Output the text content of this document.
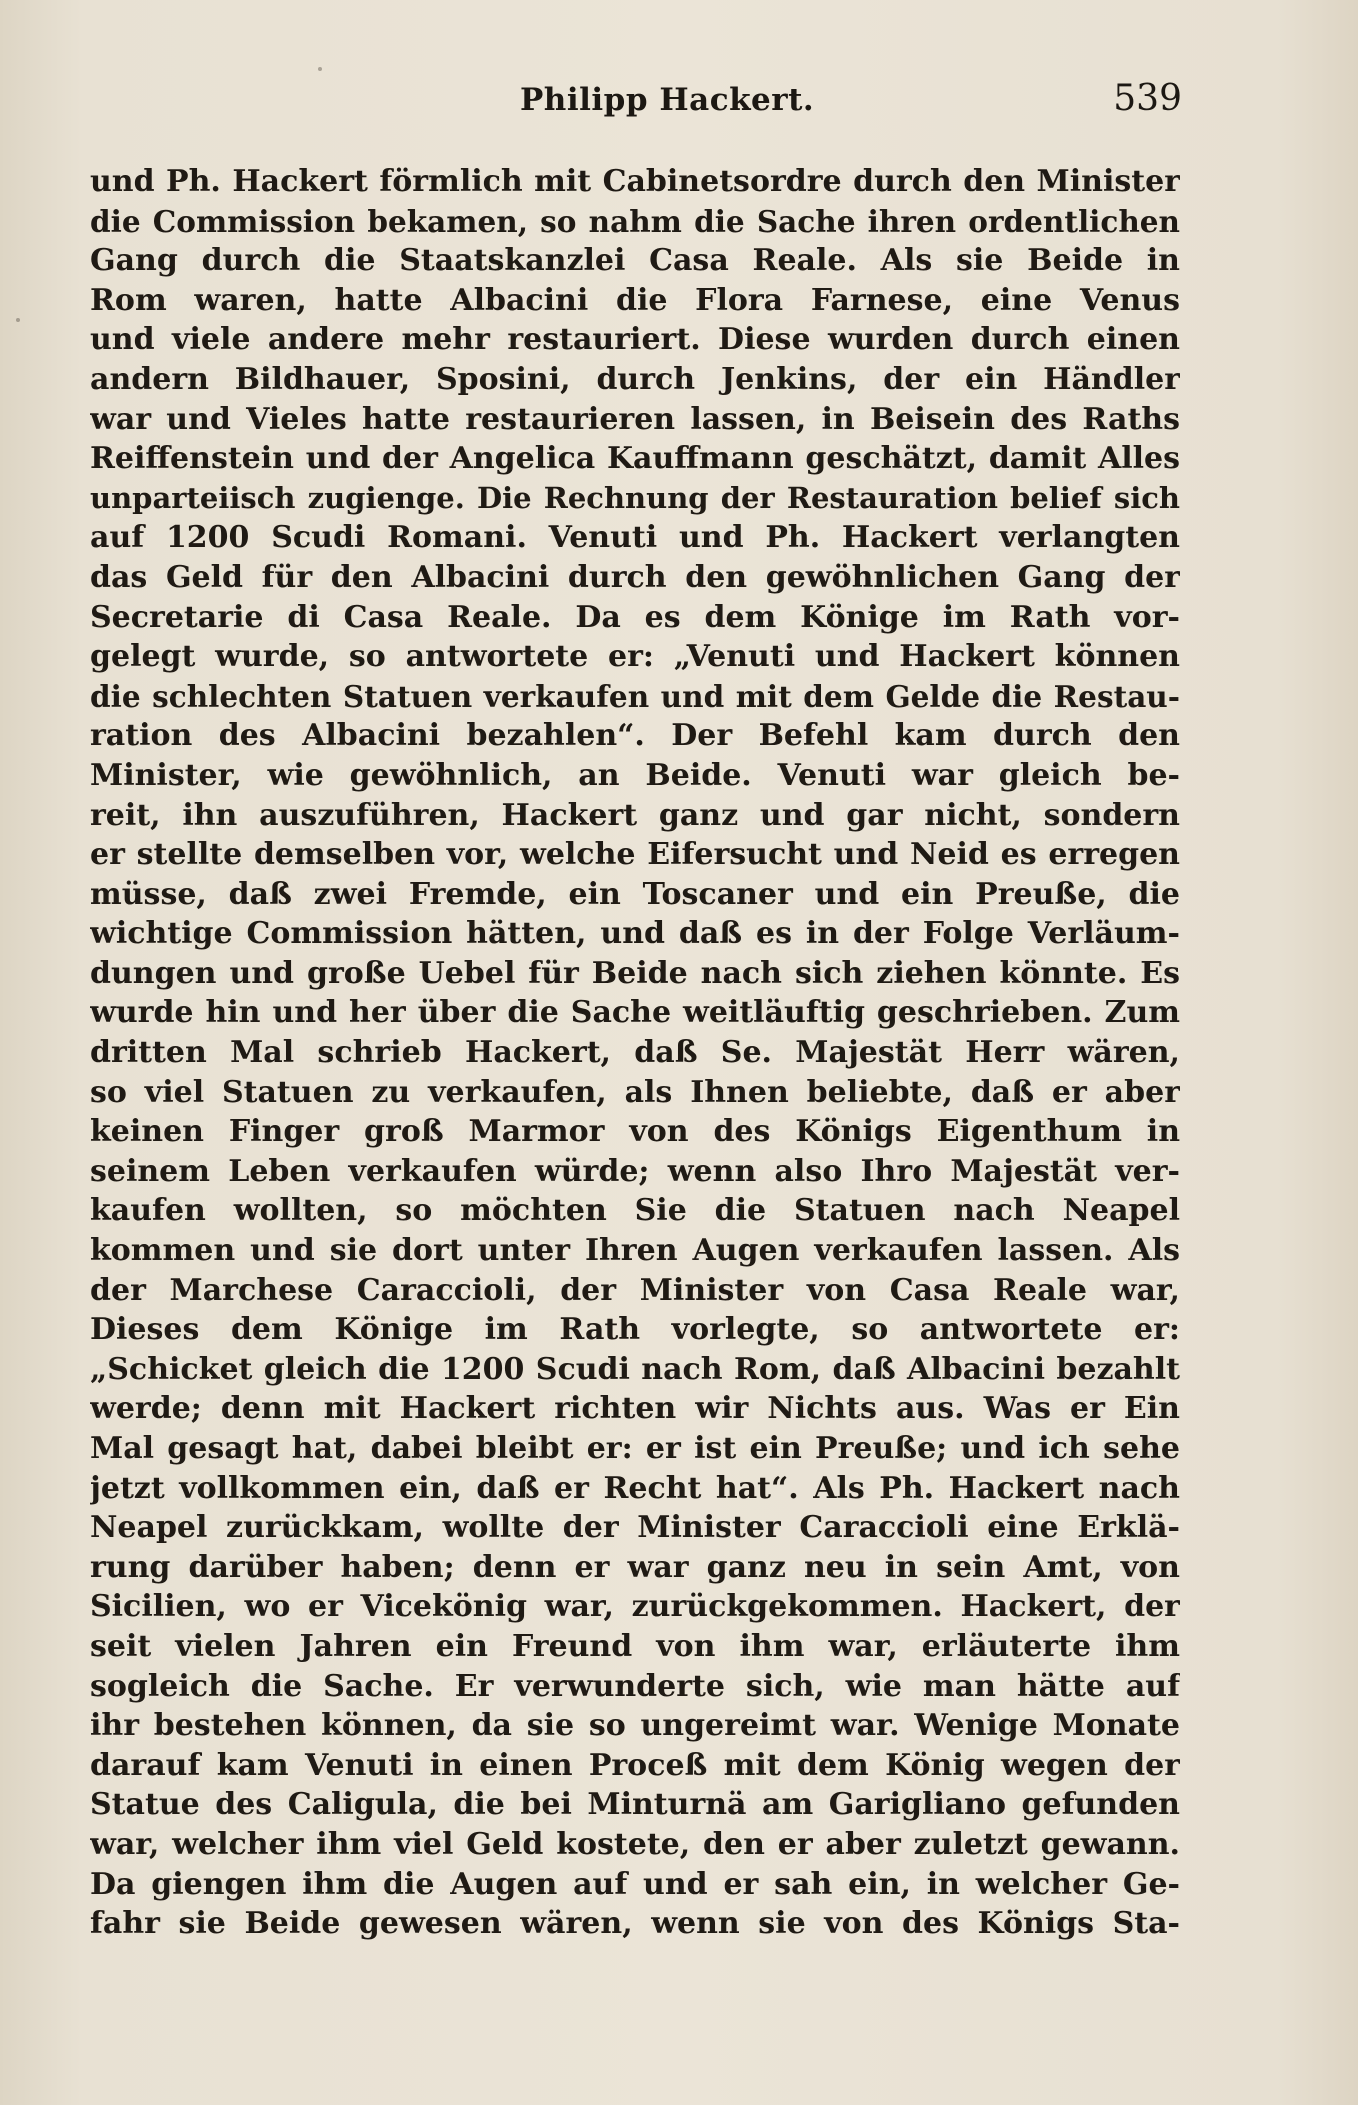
Philipp Hackert.	539
und Ph. Hackert förmlich mit Cabinetsordre durch den Minister
die Commission bekamen, so nahm die Sache ihren ordentlichen
Gang durch die Staatskanzlei Casa Reale. Als sie Beide in
Rom waren, hatte Albacini die Flora Farnese, eine Venus
und viele andere mehr restauriert. Diese wurden durch einen
andern Bildhauer, Sposini, durch Jenkins, der ein Händler
war und Vieles hatte restaurieren lassen, in Beisein des Raths
Reiffenstein und der Angelica Kauffmann geschätzt, damit Alles
unparteiisch zugienge. Die Rechnung der Restauration belief sich
auf 1200 Scudi Romani. Venuti und Ph. Hackert verlangten
das Geld für den Albacini durch den gewöhnlichen Gang der
Secretarie di Casa Reale. Da es dem Könige im Rath vor-
gelegt wurde, so antwortete er: „Venuti und Hackert können
die schlechten Statuen verkaufen und mit dem Gelde die Restau-
ration des Albacini bezahlen“. Der Befehl kam durch den
Minister, wie gewöhnlich, an Beide. Venuti war gleich be-
reit, ihn auszuführen, Hackert ganz und gar nicht, sondern
er stellte demselben vor, welche Eifersucht und Neid es erregen
müsse, daß zwei Fremde, ein Toscaner und ein Preuße, die
wichtige Commission hätten, und daß es in der Folge Verläum-
dungen und große Uebel für Beide nach sich ziehen könnte. Es
wurde hin und her über die Sache weitläuftig geschrieben. Zum
dritten Mal schrieb Hackert, daß Se. Majestät Herr wären,
so viel Statuen zu verkaufen, als Ihnen beliebte, daß er aber
keinen Finger groß Marmor von des Königs Eigenthum in
seinem Leben verkaufen würde; wenn also Ihro Majestät ver-
kaufen wollten, so möchten Sie die Statuen nach Neapel
kommen und sie dort unter Ihren Augen verkaufen lassen. Als
der Marchese Caraccioli, der Minister von Casa Reale war,
Dieses dem Könige im Rath vorlegte, so antwortete er:
„Schicket gleich die 1200 Scudi nach Rom, daß Albacini bezahlt
werde; denn mit Hackert richten wir Nichts aus. Was er Ein
Mal gesagt hat, dabei bleibt er: er ist ein Preuße; und ich sehe
jetzt vollkommen ein, daß er Recht hat“. Als Ph. Hackert nach
Neapel zurückkam, wollte der Minister Caraccioli eine Erklä-
rung darüber haben; denn er war ganz neu in sein Amt, von
Sicilien, wo er Vicekönig war, zurückgekommen. Hackert, der
seit vielen Jahren ein Freund von ihm war, erläuterte ihm
sogleich die Sache. Er verwunderte sich, wie man hätte auf
ihr bestehen können, da sie so ungereimt war. Wenige Monate
darauf kam Venuti in einen Proceß mit dem König wegen der
Statue des Caligula, die bei Minturnä am Garigliano gefunden
war, welcher ihm viel Geld kostete, den er aber zuletzt gewann.
Da giengen ihm die Augen auf und er sah ein, in welcher Ge-
fahr sie Beide gewesen wären, wenn sie von des Königs Sta-
